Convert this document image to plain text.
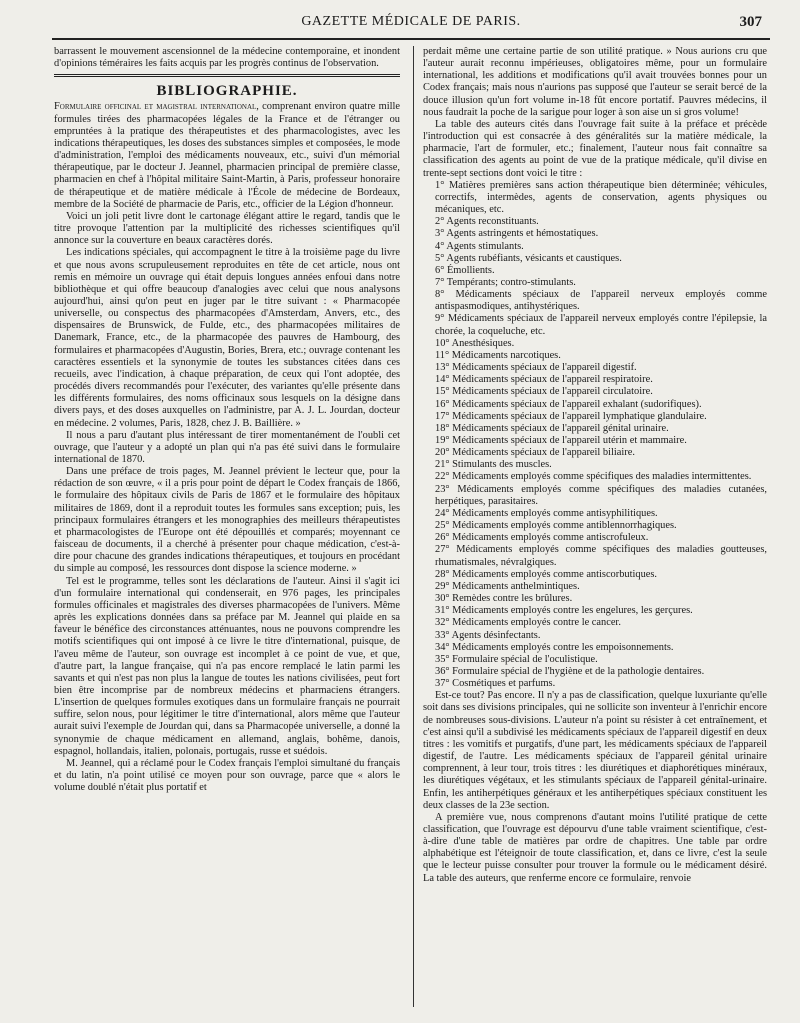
GAZETTE MÉDICALE DE PARIS.	307

barrassent le mouvement ascensionnel de la médecine contemporaine, et inondent d'opinions téméraires les faits acquis par les progrès continus de l'observation.

BIBLIOGRAPHIE.

Formulaire officinal et magistral international, comprenant environ quatre mille formules tirées des pharmacopées légales de la France et de l'étranger ou empruntées à la pratique des thérapeutistes et des pharmacologistes, avec les indications thérapeutiques, les doses des substances simples et composées, le mode d'administration, l'emploi des médicaments nouveaux, etc., suivi d'un mémorial thérapeutique, par le docteur J. Jeannel, pharmacien principal de première classe, pharmacien en chef à l'hôpital militaire Saint-Martin, à Paris, professeur honoraire de thérapeutique et de matière médicale à l'École de médecine de Bordeaux, membre de la Société de pharmacie de Paris, etc., officier de la Légion d'honneur.

Voici un joli petit livre dont le cartonage élégant attire le regard, tandis que le titre provoque l'attention par la multiplicité des richesses scientifiques qu'il annonce sur la couverture en beaux caractères dorés.

Les indications spéciales, qui accompagnent le titre à la troisième page du livre et que nous avons scrupuleusement reproduites en tête de cet article, nous ont remis en mémoire un ouvrage qui était depuis longues années enfoui dans notre bibliothèque et qui offre beaucoup d'analogies avec celui que nous analysons aujourd'hui, ainsi qu'on peut en juger par le titre suivant : « Pharmacopée universelle, ou conspectus des pharmacopées d'Amsterdam, Anvers, etc., des dispensaires de Brunswick, de Fulde, etc., des pharmacopées militaires de Danemark, France, etc., de la pharmacopée des pauvres de Hambourg, des formulaires et pharmacopées d'Augustin, Bories, Brera, etc.; ouvrage contenant les caractères essentiels et la synonymie de toutes les substances citées dans ces recueils, avec l'indication, à chaque préparation, de ceux qui l'ont adoptée, des procédés divers recommandés pour l'exécuter, des variantes qu'elle présente dans les différents formulaires, des noms officinaux sous lesquels on la désigne dans divers pays, et des doses auxquelles on l'administre, par A. J. L. Jourdan, docteur en médecine. 2 volumes, Paris, 1828, chez J. B. Baillière. »

Il nous a paru d'autant plus intéressant de tirer momentanément de l'oubli cet ouvrage, que l'auteur y a adopté un plan qui n'a pas été suivi dans le formulaire international de 1870.

Dans une préface de trois pages, M. Jeannel prévient le lecteur que, pour la rédaction de son œuvre, « il a pris pour point de départ le Codex français de 1866, le formulaire des hôpitaux civils de Paris de 1867 et le formulaire des hôpitaux militaires de 1869, dont il a reproduit toutes les formules sans exception; puis, les principaux formulaires étrangers et les monographies des meilleurs thérapeutistes et pharmacologistes de l'Europe ont été dépouillés et comparés; moyennant ce faisceau de documents, il a cherché à présenter pour chaque médication, c'est-à-dire pour chacune des grandes indications thérapeutiques, et toujours en procédant du simple au composé, les ressources dont dispose la science moderne. »

Tel est le programme, telles sont les déclarations de l'auteur. Ainsi il s'agit ici d'un formulaire international qui condenserait, en 976 pages, les principales formules officinales et magistrales des diverses pharmacopées de l'univers. Même après les explications données dans sa préface par M. Jeannel qui plaide en sa faveur le bénéfice des circonstances atténuantes, nous ne pouvons comprendre les motifs scientifiques qui ont imposé à ce livre le titre d'international, puisque, de l'aveu même de l'auteur, son ouvrage est incomplet à ce point de vue, et que, d'autre part, la langue française, qui n'a pas encore remplacé le latin parmi les savants et qui n'est pas non plus la langue de toutes les nations civilisées, peut fort bien être incomprise par de nombreux médecins et pharmaciens étrangers. L'insertion de quelques formules exotiques dans un formulaire français ne pourrait suffire, selon nous, pour légitimer le titre d'international, alors même que l'auteur aurait suivi l'exemple de Jourdan qui, dans sa Pharmacopée universelle, a donné la synonymie de chaque médicament en allemand, anglais, bohême, danois, espagnol, hollandais, italien, polonais, portugais, russe et suédois.

M. Jeannel, qui a réclamé pour le Codex français l'emploi simultané du français et du latin, n'a point utilisé ce moyen pour son ouvrage, parce que « alors le volume doublé n'était plus portatif et

perdait même une certaine partie de son utilité pratique. » Nous aurions cru que l'auteur aurait reconnu impérieuses, obligatoires même, pour un formulaire international, les additions et modifications qu'il avait trouvées bonnes pour un Codex français; mais nous n'aurions pas supposé que l'auteur se serait bercé de la douce illusion qu'un fort volume in-18 fût encore portatif. Pauvres médecins, il nous faudrait la poche de la sarigue pour loger à son aise un si gros volume!

La table des auteurs cités dans l'ouvrage fait suite à la préface et précède l'introduction qui est consacrée à des généralités sur la matière médicale, la pharmacie, l'art de formuler, etc.; finalement, l'auteur nous fait connaître sa classification des agents au point de vue de la pratique médicale, qu'il divise en trente-sept sections dont voici le titre :

1° Matières premières sans action thérapeutique bien déterminée; véhicules, correctifs, intermèdes, agents de conservation, agents physiques ou mécaniques, etc.
2° Agents reconstituants.
3° Agents astringents et hémostatiques.
4° Agents stimulants.
5° Agents rubéfiants, vésicants et caustiques.
6° Émollients.
7° Tempérants; contro-stimulants.
8° Médicaments spéciaux de l'appareil nerveux employés comme antispasmodiques, antihystériques.
9° Médicaments spéciaux de l'appareil nerveux employés contre l'épilepsie, la chorée, la coqueluche, etc.
10° Anesthésiques.
11° Médicaments narcotiques.
13° Médicaments spéciaux de l'appareil digestif.
14° Médicaments spéciaux de l'appareil respiratoire.
15° Médicaments spéciaux de l'appareil circulatoire.
16° Médicaments spéciaux de l'appareil exhalant (sudorifiques).
17° Médicaments spéciaux de l'appareil lymphatique glandulaire.
18° Médicaments spéciaux de l'appareil génital urinaire.
19° Médicaments spéciaux de l'appareil utérin et mammaire.
20° Médicaments spéciaux de l'appareil biliaire.
21° Stimulants des muscles.
22° Médicaments employés comme spécifiques des maladies intermittentes.
23° Médicaments employés comme spécifiques des maladies cutanées, herpétiques, parasitaires.
24° Médicaments employés comme antisyphilitiques.
25° Médicaments employés comme antiblennorrhagiques.
26° Médicaments employés comme antiscrofuleux.
27° Médicaments employés comme spécifiques des maladies goutteuses, rhumatismales, névralgiques.
28° Médicaments employés comme antiscorbutiques.
29° Médicaments anthelmintiques.
30° Remèdes contre les brûlures.
31° Médicaments employés contre les engelures, les gerçures.
32° Médicaments employés contre le cancer.
33° Agents désinfectants.
34° Médicaments employés contre les empoisonnements.
35° Formulaire spécial de l'oculistique.
36° Formulaire spécial de l'hygiène et de la pathologie dentaires.
37° Cosmétiques et parfums.

Est-ce tout? Pas encore. Il n'y a pas de classification, quelque luxuriante qu'elle soit dans ses divisions principales, qui ne sollicite son inventeur à l'enrichir encore de nombreuses sous-divisions. L'auteur n'a point su résister à cet entraînement, et c'est ainsi qu'il a subdivisé les médicaments spéciaux de l'appareil digestif en deux titres : les vomitifs et purgatifs, d'une part, les médicaments spéciaux de l'appareil digestif, de l'autre. Les médicaments spéciaux de l'appareil génital urinaire comprennent, à leur tour, trois titres : les diurétiques et diaphorétiques minéraux, les diurétiques végétaux, et les stimulants spéciaux de l'appareil génital-urinaire. Enfin, les antiherpétiques généraux et les antiherpétiques spéciaux constituent les deux classes de la 23e section.

A première vue, nous comprenons d'autant moins l'utilité pratique de cette classification, que l'ouvrage est dépourvu d'une table vraiment scientifique, c'est-à-dire d'une table de matières par ordre de chapitres. Une table par ordre alphabétique est l'éteignoir de toute classification, et, dans ce livre, c'est la seule que le lecteur puisse consulter pour trouver la formule ou le médicament désiré. La table des auteurs, que renferme encore ce formulaire, renvoie
